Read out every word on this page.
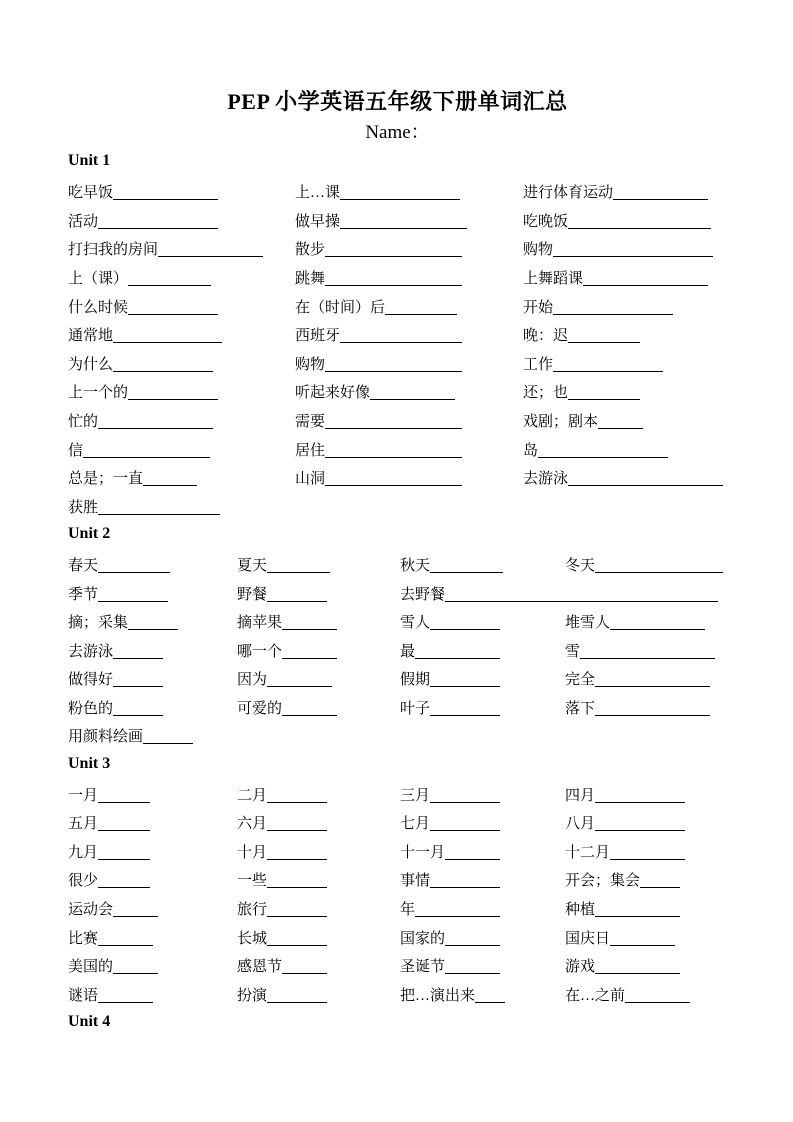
PEP 小学英语五年级下册单词汇总
Name：
Unit 1
吃早饭	上…课	进行体育运动
活动	做早操	吃晚饭
打扫我的房间	散步	购物
上（课）	跳舞	上舞蹈课
什么时候	在（时间）后	开始
通常地	西班牙	晚：迟
为什么	购物	工作
上一个的	听起来好像	还；也
忙的	需要	戏剧；剧本
信	居住	岛
总是；一直	山洞	去游泳
获胜
Unit 2
春天	夏天	秋天	冬天
季节	野餐	去野餐
摘；采集	摘苹果	雪人	堆雪人
去游泳	哪一个	最	雪
做得好	因为	假期	完全
粉色的	可爱的	叶子	落下
用颜料绘画
Unit 3
一月	二月	三月	四月
五月	六月	七月	八月
九月	十月	十一月	十二月
很少	一些	事情	开会；集会
运动会	旅行	年	种植
比赛	长城	国家的	国庆日
美国的	感恩节	圣诞节	游戏
谜语	扮演	把…演出来	在…之前
Unit 4
